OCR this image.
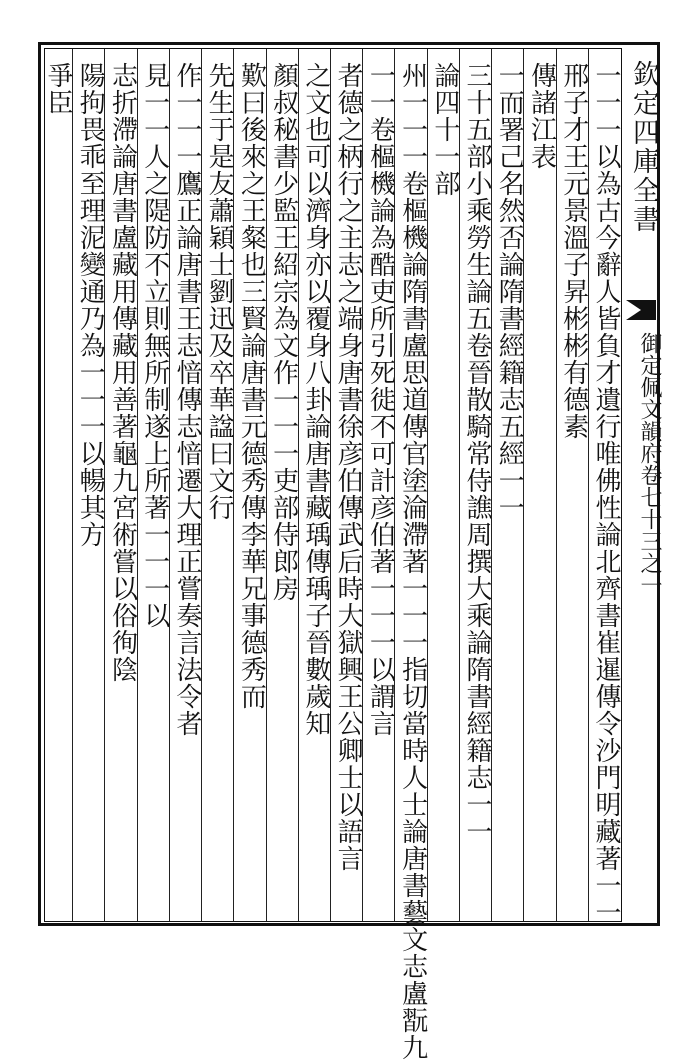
欽定四庫全書
御定佩文韻府卷七十三之一
一一一以為古今辭人皆負才遺行唯佛性論北齊書崔暹傳令沙門明藏著一一
邢子才王元景溫子昇彬彬有德素
傳諸江表
一而署己名然否論隋書經籍志五經一一
三十五部小乘勞生論五卷晉散騎常侍譙周撰大乘論隋書經籍志一一
論四十一部
州一一一卷樞機論隋書盧思道傳官塗淪滯著一一一指切當時人士論唐書藝文志盧翫九
一一卷樞機論為酷吏所引死徙不可計彦伯著一一一以謂言
者德之柄行之主志之端身唐書徐彦伯傳武后時大獄興王公卿士以語言
之文也可以濟身亦以覆身八卦論唐書藏瑀傳瑀子晉數歲知
顏叔秘書少監王紹宗為文作一一一吏部侍郎房
歎曰後來之王粲也三賢論唐書元德秀傳李華兄事德秀而
先生于是友蕭穎士劉迅及卒華諡曰文行
作一一一鷹正論唐書王志愔傳志愔遷大理正嘗奏言法令者
見一一人之隄防不立則無所制遂上所著一一一以
志折滯論唐書盧藏用傳藏用善著龜九宮術嘗以俗徇陰
陽拘畏乖至理泥變通乃為一一一以暢其方
爭臣
